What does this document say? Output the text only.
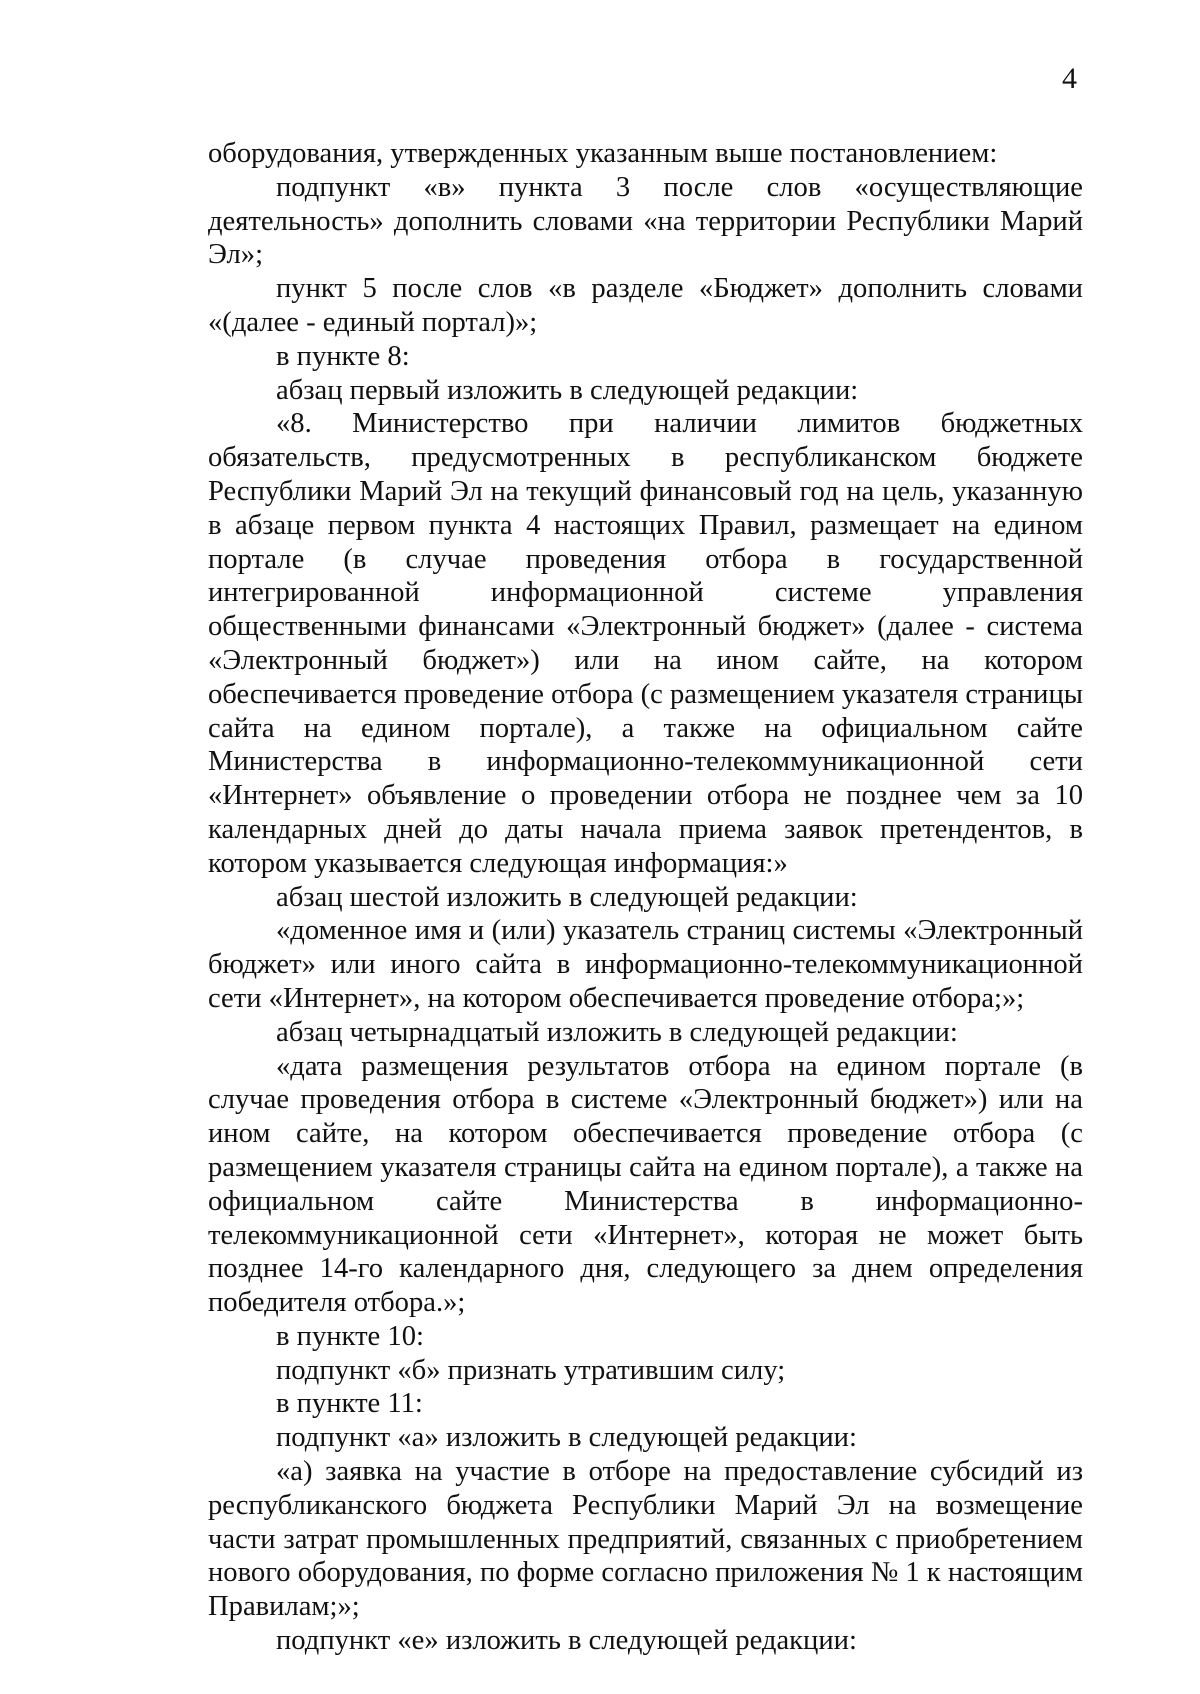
4

оборудования, утвержденных указанным выше постановлением:

подпункт «в» пункта 3 после слов «осуществляющие деятельность» дополнить словами «на территории Республики Марий Эл»;

пункт 5 после слов «в разделе «Бюджет» дополнить словами «(далее - единый портал)»;

в пункте 8:

абзац первый изложить в следующей редакции:

«8. Министерство при наличии лимитов бюджетных обязательств, предусмотренных в республиканском бюджете Республики Марий Эл на текущий финансовый год на цель, указанную в абзаце первом пункта 4 настоящих Правил, размещает на едином портале (в случае проведения отбора в государственной интегрированной информационной системе управления общественными финансами «Электронный бюджет» (далее - система «Электронный бюджет») или на ином сайте, на котором обеспечивается проведение отбора (с размещением указателя страницы сайта на едином портале), а также на официальном сайте Министерства в информационно-телекоммуникационной сети «Интернет» объявление о проведении отбора не позднее чем за 10 календарных дней до даты начала приема заявок претендентов, в котором указывается следующая информация:»

абзац шестой изложить в следующей редакции:

«доменное имя и (или) указатель страниц системы «Электронный бюджет» или иного сайта в информационно-телекоммуникационной сети «Интернет», на котором обеспечивается проведение отбора;»;

абзац четырнадцатый изложить в следующей редакции:

«дата размещения результатов отбора на едином портале (в случае проведения отбора в системе «Электронный бюджет») или на ином сайте, на котором обеспечивается проведение отбора (с размещением указателя страницы сайта на едином портале), а также на официальном сайте Министерства в информационно-телекоммуникационной сети «Интернет», которая не может быть позднее 14-го календарного дня, следующего за днем определения победителя отбора.»;

в пункте 10:

подпункт «б» признать утратившим силу;

в пункте 11:

подпункт «а» изложить в следующей редакции:

«а) заявка на участие в отборе на предоставление субсидий из республиканского бюджета Республики Марий Эл на возмещение части затрат промышленных предприятий, связанных с приобретением нового оборудования, по форме согласно приложения № 1 к настоящим Правилам;»;

подпункт «е» изложить в следующей редакции:
